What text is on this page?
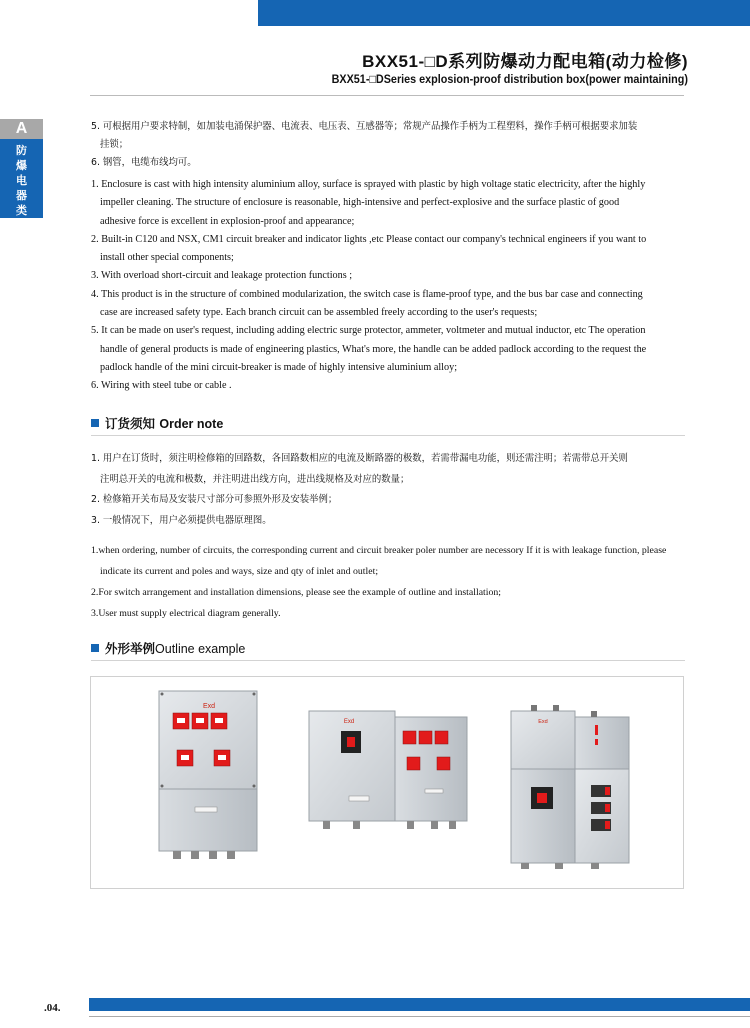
BXX51-□D系列防爆动力配电箱(动力检修)
BXX51-□DSeries explosion-proof distribution box(power maintaining)
A
防
爆
电
器
类
5. 可根据用户要求特制，如加装电涌保护器、电流表、电压表、互感器等；常规产品操作手柄为工程塑料，操作手柄可根据要求加装
挂锁；
6. 钢管，电缆布线均可。
1. Enclosure is cast with high intensity aluminium alloy, surface is sprayed with plastic by high voltage static electricity, after the highly
impeller cleaning. The structure of enclosure is reasonable, high-intensive and perfect-explosive and the surface plastic of good
adhesive force is excellent in explosion-proof and appearance;
2. Built-in C120 and NSX, CM1 circuit breaker and indicator lights ,etc Please contact our company's technical engineers if you want to
install other special components;
3. With overload short-circuit and leakage protection functions ;
4. This product is in the structure of combined modularization, the switch case is flame-proof type, and the bus bar case and connecting
case are increased safety type. Each branch circuit can be assembled freely according to the user's requests;
5. It can be made on user's request, including adding electric surge protector, ammeter, voltmeter and mutual inductor, etc The operation
handle of general products is made of engineering plastics, What's more, the handle can be added padlock according to the request the
padlock handle of the mini circuit-breaker is made of highly intensive aluminium alloy;
6. Wiring with steel tube or cable .
订货须知 Order note
1. 用户在订货时，须注明检修箱的回路数，各回路数相应的电流及断路器的极数，若需带漏电功能，则还需注明；若需带总开关则
注明总开关的电流和极数，并注明进出线方向，进出线规格及对应的数量；
2. 检修箱开关布局及安装尺寸部分可参照外形及安装举例；
3. 一般情况下，用户必须提供电器原理图。
1.when ordering, number of circuits, the corresponding current and circuit breaker poler number are necessory If it is with leakage function, please
indicate its current and poles and ways, size and qty of inlet and outlet;
2.For switch arrangement and installation dimensions, please see the example of outline and installation;
3.User must supply electrical diagram generally.
外形举例Outline example
Exd
Exd	Exd
.04.
